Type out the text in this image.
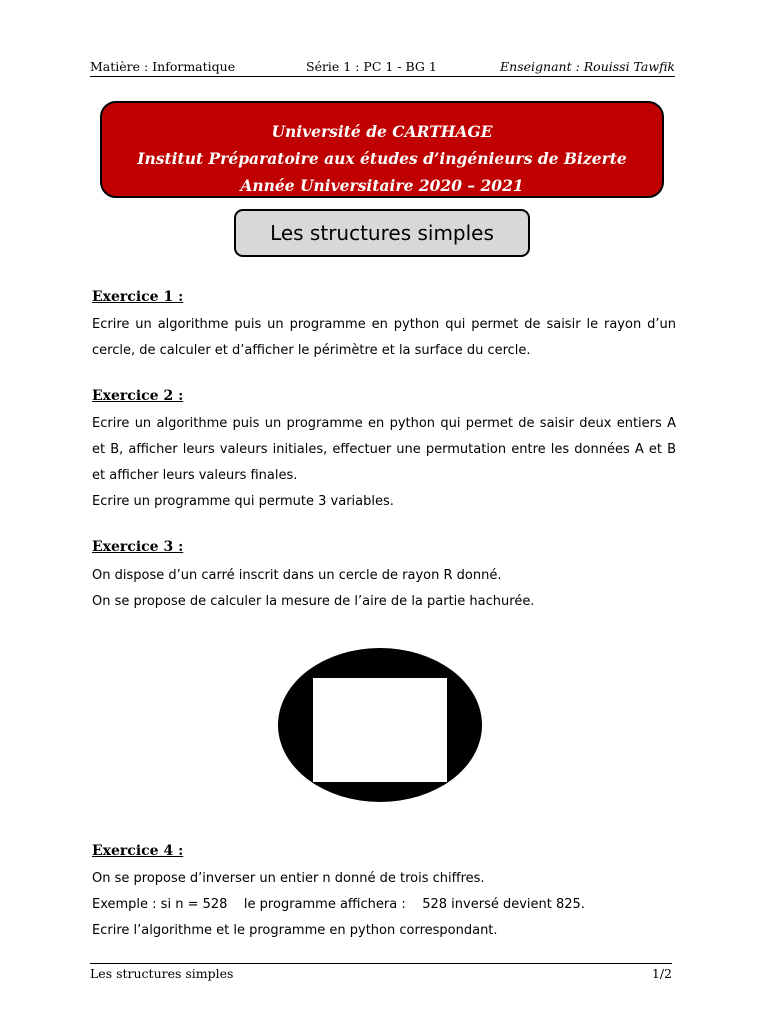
Matière : Informatique	Série 1 : PC 1 - BG 1	Enseignant : Rouissi Tawfik
Université de CARTHAGE
Institut Préparatoire aux études d’ingénieurs de Bizerte
Année Universitaire 2020 – 2021
Les structures simples
Exercice 1 :

Ecrire un algorithme puis un programme en python qui permet de saisir le rayon d’un cercle, de calculer et d’afficher le périmètre et la surface du cercle.

Exercice 2 :

Ecrire un algorithme puis un programme en python qui permet de saisir deux entiers A et B, afficher leurs valeurs initiales, effectuer une permutation entre les données A et B et afficher leurs valeurs finales.

Ecrire un programme qui permute 3 variables.

Exercice 3 :

On dispose d’un carré inscrit dans un cercle de rayon R donné.

On se propose de calculer la mesure de l’aire de la partie hachurée.

Exercice 4 :

On se propose d’inverser un entier n donné de trois chiffres.

Exemple : si n = 528    le programme affichera :    528 inversé devient 825.

Ecrire l’algorithme et le programme en python correspondant.

Les structures simples	1/2
